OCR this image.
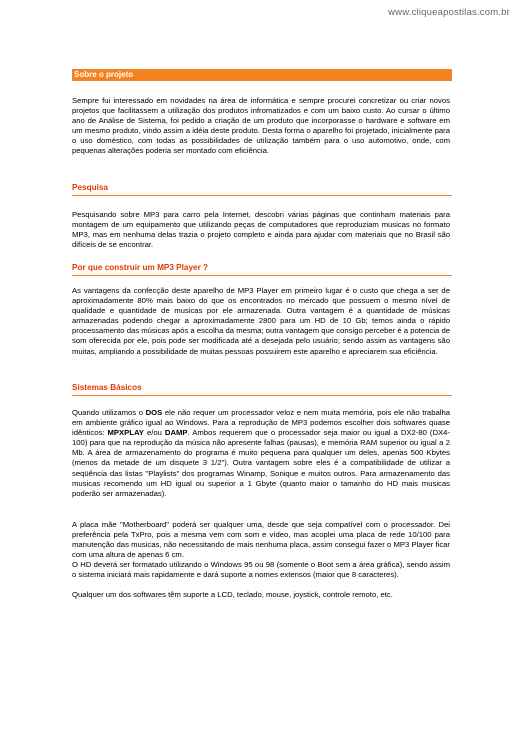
www.cliqueapostilas.com.br
Sobre o projeto
Sempre fui interessado em novidades na área de informática e sempre procurei concretizar ou criar novos projetos que facilitassem a utilização dos produtos infromatizados e com um baixo custo. Ao cursar o último ano de Análise de Sistema, foi pedido a criação de um produto que incorporasse o hardware e software em um mesmo produto, vindo assim a idéia deste produto. Desta forma o aparelho foi projetado, inicialmente para o uso doméstico, com todas as possibilidades de utilização também para o uso automotivo, onde, com pequenas alterações poderia ser montado com eficiência.
Pesquisa
Pesquisando sobre MP3 para carro pela Internet, descobri várias páginas que continham materiais para montagem de um equipamento que utilizando peças de computadores que reproduziam musicas no formato MP3, mas em nenhuma delas trazia o projeto completo e ainda para ajudar com materiais que no Brasil são difíceis de se encontrar.
Por que construir um MP3 Player ?
As vantagens da confecção deste aparelho de MP3 Player em primeiro lugar é o custo que chega a ser de aproximadamente 80% mais baixo do que os encontrados no mercado que possuem o mesmo nível de qualidade e quantidade de musicas por ele armazenada. Outra vantagem é a quantidade de músicas armazenadas podendo chegar a aproximadamente 2800 para um HD de 10 Gb; temos ainda o rápido processamento das músicas após a escolha da mesma; outra vantagem que consigo perceber é a potencia de som oferecida por ele, pois pode ser modificada até a desejada pelo usuário; sendo assim as vantagens são muitas, ampliando a possibilidade de muitas pessoas possuirem este aparelho e apreciarem sua eficiência.
Sistemas Básicos
Quando utilizamos o DOS ele não requer um processador veloz e nem muita memória, pois ele não trabalha em ambiente gráfico igual ao Windows. Para a reprodução de MP3 podemos escolher dois softwares quase idênticos: MPXPLAY e/ou DAMP. Ambos requerem que o processador seja maior ou igual a DX2-80 (DX4-100) para que na reprodução da música não apresente falhas (pausas), e memória RAM superior ou igual a 2 Mb. A área de armazenamento do programa é muito pequena para qualquer um deles, apenas 500 Kbytes (menos da metade de um disquete 3 1/2"). Outra vantagem sobre eles é a compatibilidade de utilizar a seqüência das listas "Playlists" dos programas Winamp, Sonique e muitos outros. Para armazenamento das musicas recomendo um HD igual ou superior a 1 Gbyte (quanto maior o tamanho do HD mais musicas poderão ser armazenadas).
A placa mãe "Motherboard" poderá ser qualquer uma, desde que seja compatível com o processador. Dei preferência pela TxPro, pois a mesma vem com som e vídeo, mas acoplei uma placa de rede 10/100 para manutenção das musicas, não necessitando de mais nenhuma placa, assim consegui fazer o MP3 Player ficar com uma altura de apenas 6 cm.
O HD deverá ser formatado utilizando o Windows 95 ou 98 (somente o Boot sem a área gráfica), sendo assim o sistema iniciará mais rapidamente e dará suporte a nomes extensos (maior que 8 caracteres).
Qualquer um dos softwares têm suporte a LCD, teclado, mouse, joystick, controle remoto, etc.
